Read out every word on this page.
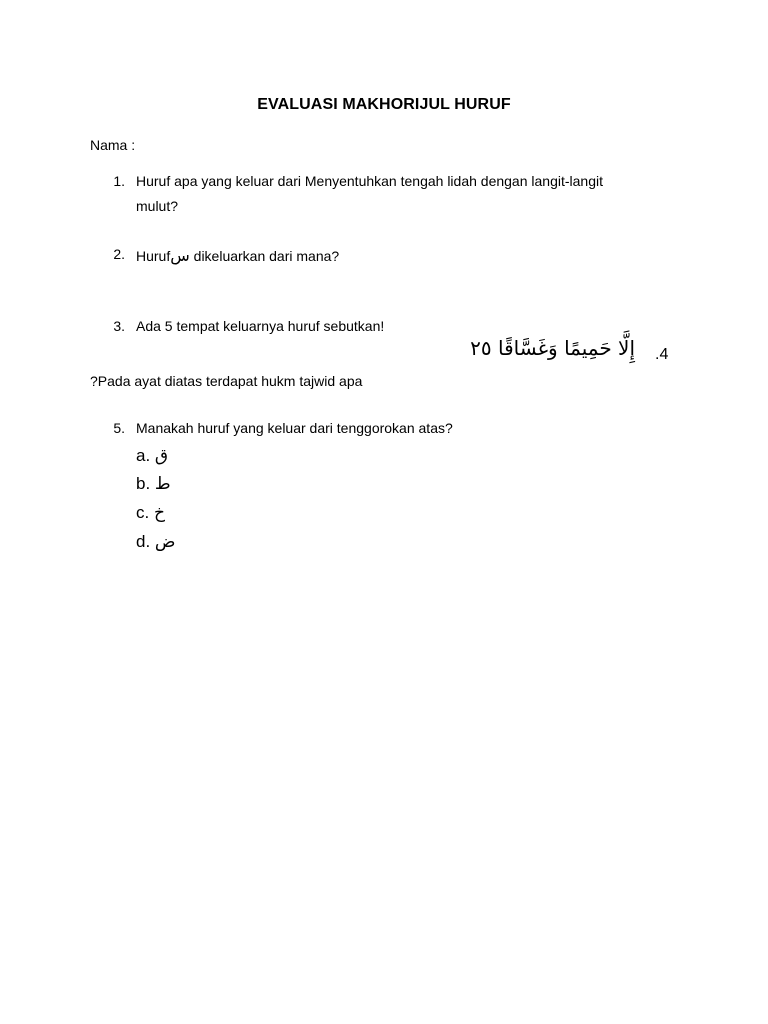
EVALUASI MAKHORIJUL HURUF
Nama :
1. Huruf apa yang keluar dari Menyentuhkan tengah lidah dengan langit-langit
mulut?
2. Hurufس dikeluarkan dari mana?
3. Ada 5 tempat keluarnya huruf sebutkan!
إِلَّا حَمِيمًا وَغَسَّاقًا ٢٥ .4
?Pada ayat diatas terdapat hukm tajwid apa
5. Manakah huruf yang keluar dari tenggorokan atas?
a. ق
b. ط
c. خ
d. ض
